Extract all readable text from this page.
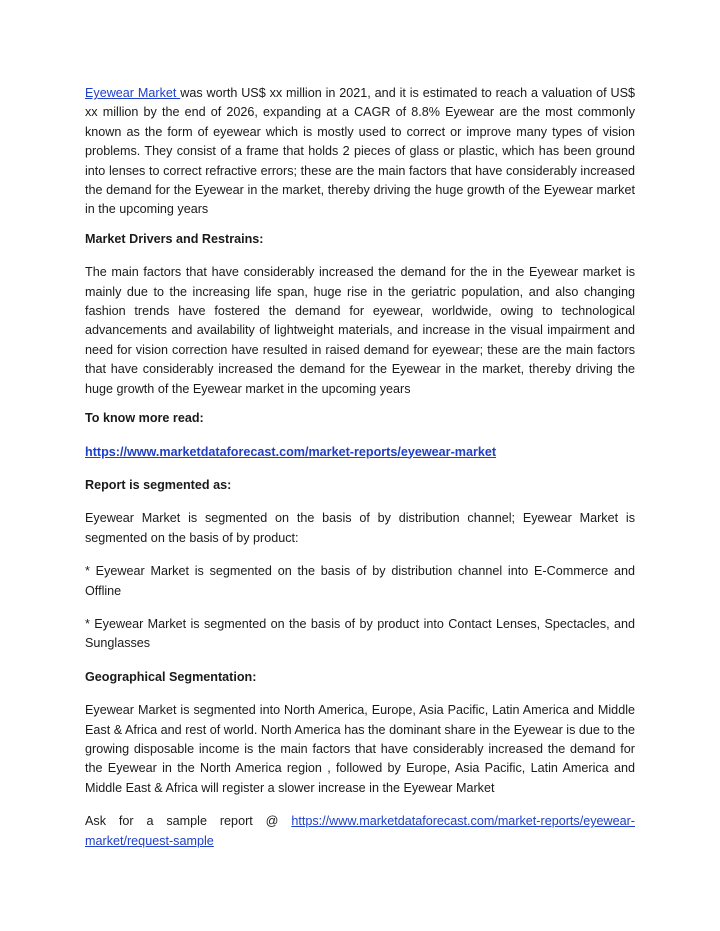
Eyewear Market was worth US$ xx million in 2021, and it is estimated to reach a valuation of US$ xx million by the end of 2026, expanding at a CAGR of 8.8% Eyewear are the most commonly known as the form of eyewear which is mostly used to correct or improve many types of vision problems. They consist of a frame that holds 2 pieces of glass or plastic, which has been ground into lenses to correct refractive errors; these are the main factors that have considerably increased the demand for the Eyewear in the market, thereby driving the huge growth of the Eyewear market in the upcoming years

Market Drivers and Restrains:

The main factors that have considerably increased the demand for the in the Eyewear market is mainly due to the increasing life span, huge rise in the geriatric population, and also changing fashion trends have fostered the demand for eyewear, worldwide, owing to technological advancements and availability of lightweight materials, and increase in the visual impairment and need for vision correction have resulted in raised demand for eyewear; these are the main factors that have considerably increased the demand for the Eyewear in the market, thereby driving the huge growth of the Eyewear market in the upcoming years

To know more read:

https://www.marketdataforecast.com/market-reports/eyewear-market

Report is segmented as:

Eyewear Market is segmented on the basis of by distribution channel; Eyewear Market is segmented on the basis of by product:

* Eyewear Market is segmented on the basis of by distribution channel into E-Commerce and Offline

* Eyewear Market is segmented on the basis of by product into Contact Lenses, Spectacles, and Sunglasses

Geographical Segmentation:

Eyewear Market is segmented into North America, Europe, Asia Pacific, Latin America and Middle East & Africa and rest of world. North America has the dominant share in the Eyewear is due to the growing disposable income is the main factors that have considerably increased the demand for the Eyewear in the North America region , followed by Europe, Asia Pacific, Latin America and Middle East & Africa will register a slower increase in the Eyewear Market

Ask for a sample report @ https://www.marketdataforecast.com/market-reports/eyewear-market/request-sample
